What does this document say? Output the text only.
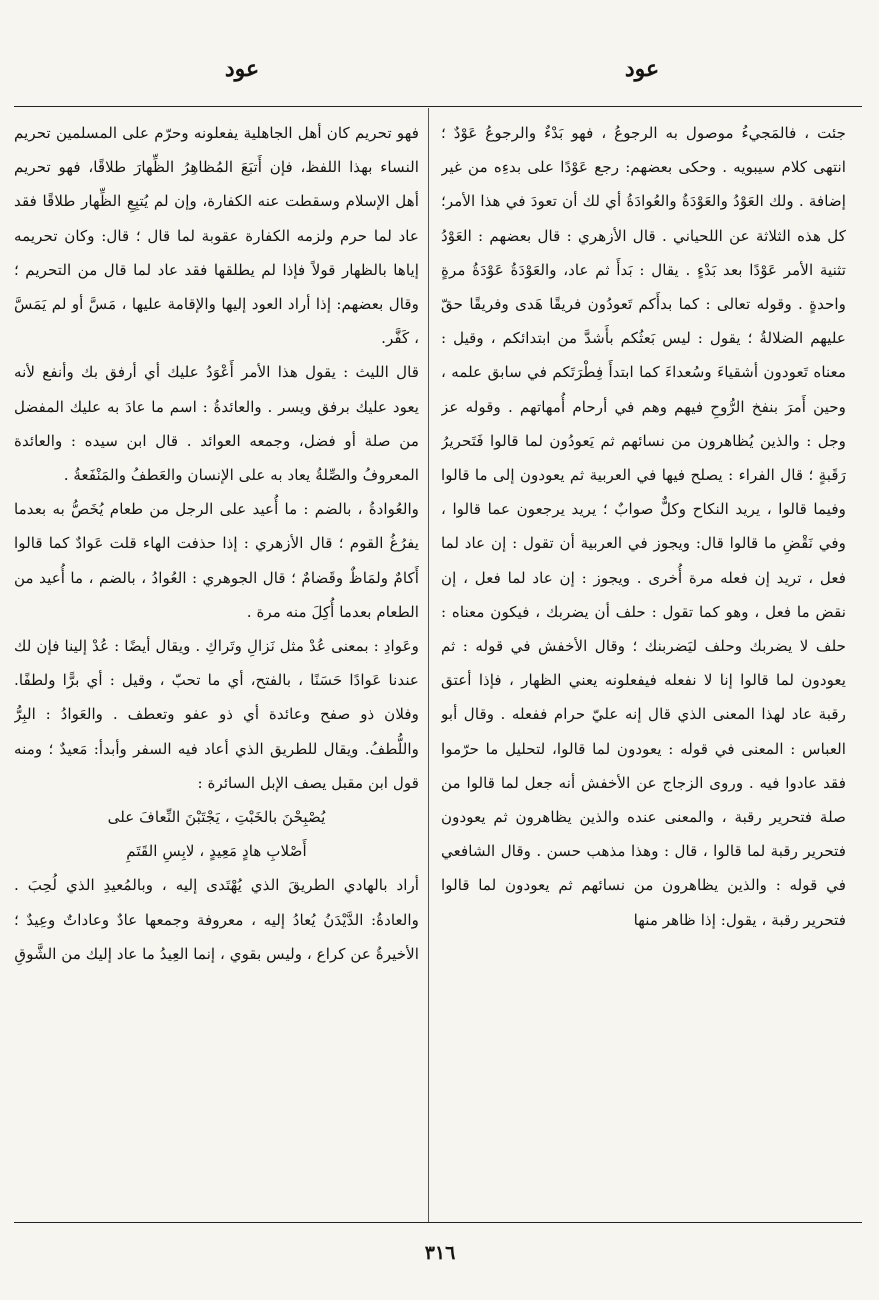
عود
عود

جئت ، فالمَجيءُ موصول به الرجوعُ ، فهو بَدْءٌ والرجوعُ عَوْدٌ ؛ انتهى كلام سيبويه . وحكى بعضهم: رجع عَوْدًا على بدءِه من غير إضافة . ولك العَوْدُ والعَوْدَةُ والعُوادَةُ أي لك أن تعودَ في هذا الأمر؛ كل هذه الثلاثة عن اللحياني . قال الأزهري : قال بعضهم : العَوْدُ تثنية الأمر عَوْدًا بعد بَدْءٍ . يقال : بَدأَ ثم عاد، والعَوْدَةُ عَوْدَةُ مرةٍ واحدةٍ . وقوله تعالى : كما بدأَكم تَعودُون فريقًا هَدى وفريقًا حقّ عليهم الضلالةُ ؛ يقول : ليس بَعثُكم بأَشدَّ من ابتدائكم ، وقيل : معناه تَعودون أشقياءَ وسُعداءَ كما ابتدأَ فِطْرَتَكم في سابق علمه ، وحين أَمرَ بنفخ الرُّوحِ فيهم وهم في أرحام أُمهاتهم . وقوله عز وجل : والذين يُظاهرون من نسائهم ثم يَعودُون لما قالوا فَتَحريرُ رَقَبةٍ ؛ قال الفراء : يصلح فيها في العربية ثم يعودون إلى ما قالوا وفيما قالوا ، يريد النكاح وكلٌّ صوابٌ ؛ يريد يرجعون عما قالوا ، وفي نَقْضِ ما قالوا قال: ويجوز في العربية أن تقول : إن عاد لما فعل ، تريد إن فعله مرة أُخرى . ويجوز : إن عاد لما فعل ، إن نقض ما فعل ، وهو كما تقول : حلف أن يضربك ، فيكون معناه : حلف لا يضربك وحلف ليَضربنك ؛ وقال الأخفش في قوله : ثم يعودون لما قالوا إنا لا نفعله فيفعلونه يعني الظهار ، فإذا أعتق رقبة عاد لهذا المعنى الذي قال إنه عليّ حرام ففعله . وقال أبو العباس : المعنى في قوله : يعودون لما قالوا، لتحليل ما حرّموا فقد عادوا فيه . وروى الزجاج عن الأخفش أنه جعل لما قالوا من صلة فتحرير رقبة ، والمعنى عنده والذين يظاهرون ثم يعودون فتحرير رقبة لما قالوا ، قال : وهذا مذهب حسن . وقال الشافعي في قوله : والذين يظاهرون من نسائهم ثم يعودون لما قالوا فتحرير رقبة ، يقول: إذا ظاهر منها

فهو تحريم كان أهل الجاهلية يفعلونه وحرّم على المسلمين تحريم النساء بهذا اللفظ، فإن أَتبَعَ المُظاهِرُ الظِّهارَ طلاقًا، فهو تحريم أهل الإسلام وسقطت عنه الكفارة، وإن لم يُتبِعِ الظِّهار طلاقًا فقد عاد لما حرم ولزمه الكفارة عقوبة لما قال ؛ قال: وكان تحريمه إياها بالظهار قولاً فإذا لم يطلقها فقد عاد لما قال من التحريم ؛ وقال بعضهم: إذا أراد العود إليها والإقامة عليها ، مَسَّ أو لم يَمَسَّ ، كَفَّر.

قال الليث : يقول هذا الأمر أَعْوَدُ عليك أي أرفق بك وأنفع لأنه يعود عليك برفق ويسر . والعائدةُ : اسم ما عادَ به عليك المفضل من صلة أو فضل، وجمعه العوائد . قال ابن سيده : والعائدة المعروفُ والصِّلةُ يعاد به على الإنسان والعَطفُ والمَنْفَعةُ .

والعُوادةُ ، بالضم : ما أُعيد على الرجل من طعام يُخَصُّ به بعدما يفرُغُ القوم ؛ قال الأزهري : إذا حذفت الهاء قلت عَوادٌ كما قالوا أَكامٌ ولمَاظٌ وقَضامٌ ؛ قال الجوهري : العُوادُ ، بالضم ، ما أُعيد من الطعام بعدما أُكِلَ منه مرة .

وعَوادِ : بمعنى عُدْ مثل نَزالِ وتَراكِ . ويقال أيضًا : عُدْ إلينا فإن لك عندنا عَوادًا حَسَنًا ، بالفتح، أي ما تحبّ ، وقيل : أي برًّا ولطفًا. وفلان ذو صفح وعائدة أي ذو عفو وتعطف . والعَوادُ : البِرُّ واللُّطفُ. ويقال للطريق الذي أعاد فيه السفر وأبدأ: مَعيدٌ ؛ ومنه قول ابن مقبل يصف الإبل السائرة :

يُصْبِحْنَ بالخَبْتِ ، يَجْتَبْنَ النِّعافَ على

أَصْلابِ هادٍ مَعِيدٍ ، لابِسِ القَتَمِ

أراد بالهادي الطريقَ الذي يُهْتَدى إليه ، وبالمُعيدِ الذي لُحِبَ . والعادةُ: الدَّيْدَنُ يُعادُ إليه ، معروفة وجمعها عادٌ وعاداتٌ وعِيدٌ ؛ الأخيرةُ عن كراع ، وليس بقوي ، إنما العِيدُ ما عاد إليك من الشَّوقِ

٣١٦
